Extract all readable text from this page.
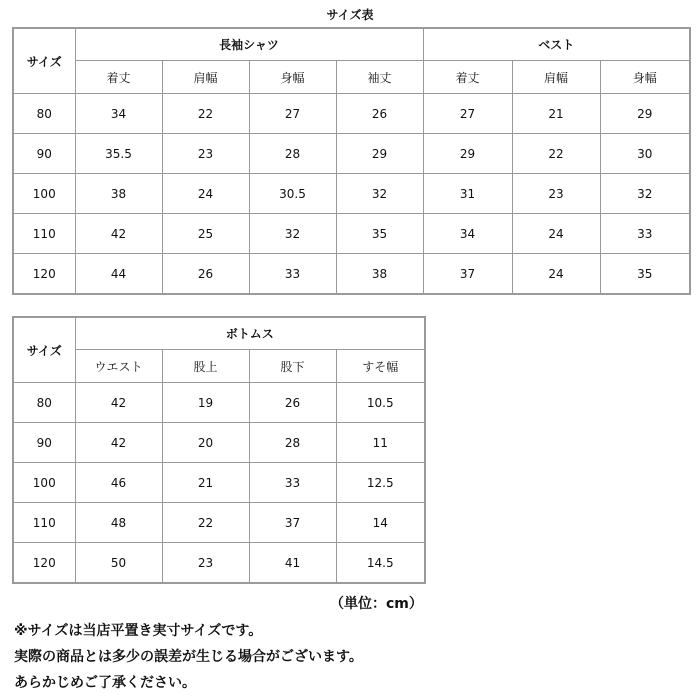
サイズ表
サイズ	長袖シャツ				ベスト		
	着丈	肩幅	身幅	袖丈	着丈	肩幅	身幅
80	34	22	27	26	27	21	29
90	35.5	23	28	29	29	22	30
100	38	24	30.5	32	31	23	32
110	42	25	32	35	34	24	33
120	44	26	33	38	37	24	35
サイズ	ボトムス			
	ウエスト	股上	股下	すそ幅
80	42	19	26	10.5
90	42	20	28	11
100	46	21	33	12.5
110	48	22	37	14
120	50	23	41	14.5
（単位：cm）
※サイズは当店平置き実寸サイズです。
実際の商品とは多少の誤差が生じる場合がございます。
あらかじめご了承ください。
